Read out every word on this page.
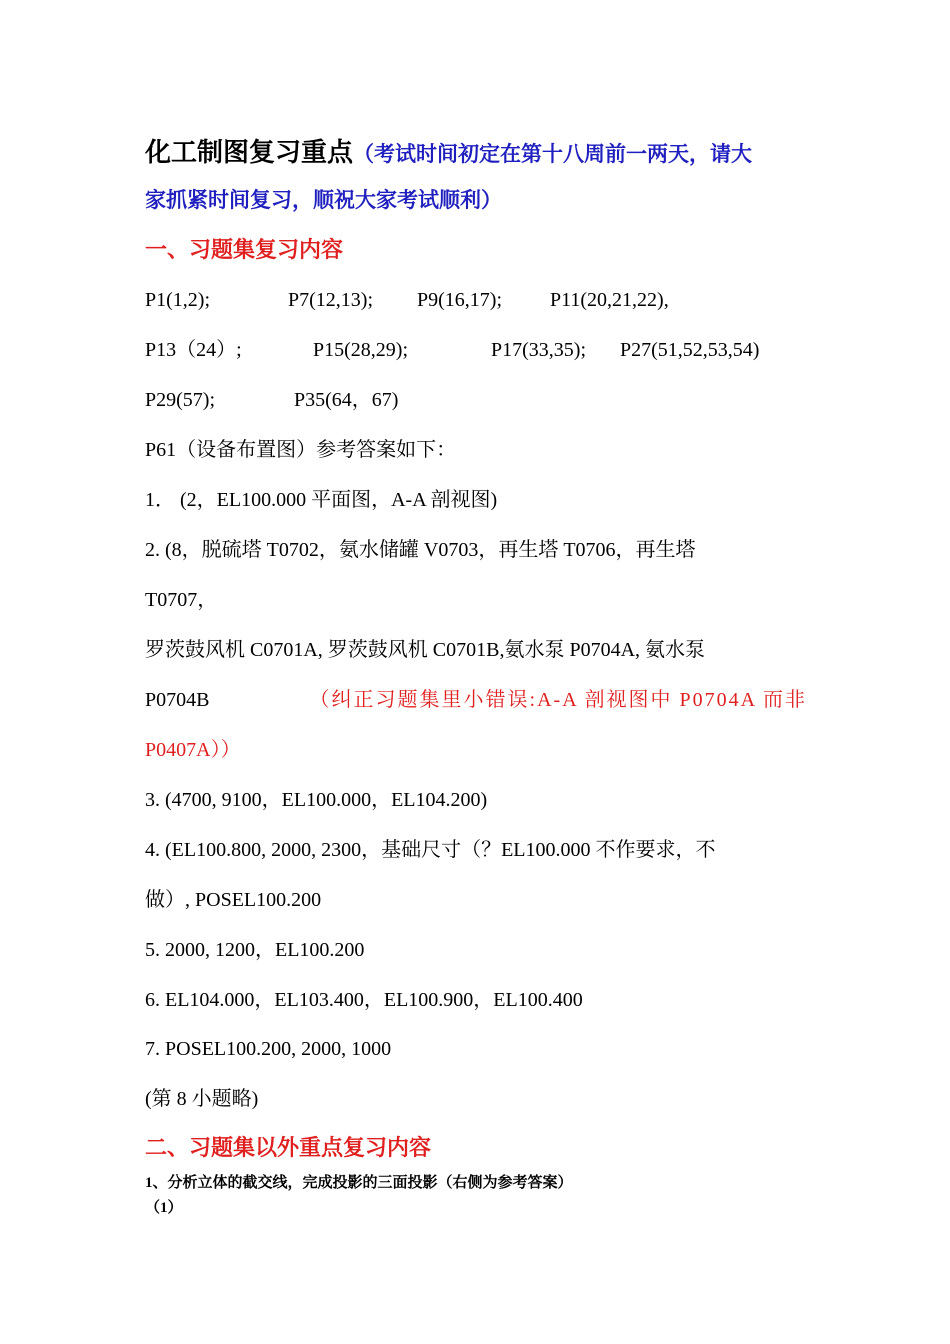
化工制图复习重点（考试时间初定在第十八周前一两天，请大
家抓紧时间复习，顺祝大家考试顺利）
一、习题集复习内容
P1(1,2);	P7(12,13); P9(16,17); P11(20,21,22),
P13（24）;	P15(28,29);	P17(33,35); P27(51,52,53,54)
P29(57);	P35(64，67)
P61（设备布置图）参考答案如下：
1． (2，EL100.000 平面图，A-A 剖视图)
2. (8，脱硫塔 T0702，氨水储罐 V0703，再生塔 T0706，再生塔
T0707，
罗茨鼓风机 C0701A, 罗茨鼓风机 C0701B,氨水泵 P0704A, 氨水泵
P0704B	（纠正习题集里小错误:A-A 剖视图中 P0704A 而非
P0407A））
3. (4700, 9100，EL100.000，EL104.200)
4. (EL100.800, 2000, 2300，基础尺寸（？EL100.000 不作要求，不
做）, POSEL100.200
5. 2000, 1200，EL100.200
6. EL104.000，EL103.400，EL100.900，EL100.400
7. POSEL100.200, 2000, 1000
(第 8 小题略)
二、习题集以外重点复习内容
1、分析立体的截交线，完成投影的三面投影（右侧为参考答案）
（1）
